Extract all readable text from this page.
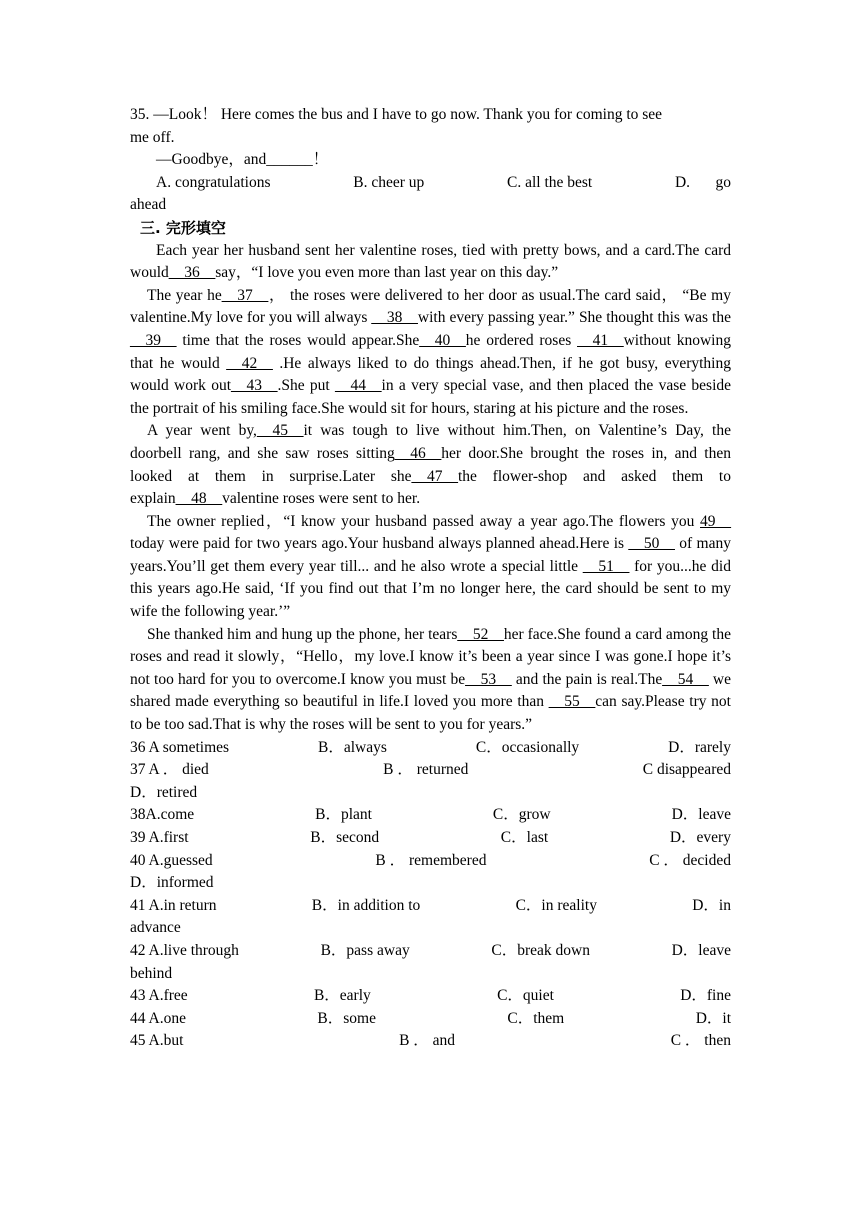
35. —Look！ Here comes the bus and I have to go now. Thank you for coming to see
me off.
—Goodbye，and______！
A. congratulations	B. cheer up	C. all the best	D. go
ahead
三. 完形填空
Each year her husband sent her valentine roses, tied with pretty bows, and a card.The card would__36__say，“I love you even more than last year on this day.”
The year he__37__， the roses were delivered to her door as usual.The card said， “Be my valentine.My love for you will always __38__with every passing year.” She thought this was the __39__ time that the roses would appear.She__40__he ordered roses __41__without knowing that he would __42__ .He always liked to do things ahead.Then, if he got busy, everything would work out__43__.She put __44__in a very special vase, and then placed the vase beside the portrait of his smiling face.She would sit for hours, staring at his picture and the roses.
A year went by,__45__it was tough to live without him.Then, on Valentine’s Day, the doorbell rang, and she saw roses sitting__46__her door.She brought the roses in, and then looked at them in surprise.Later she__47__the flower-shop and asked them to explain__48__valentine roses were sent to her.
The owner replied，“I know your husband passed away a year ago.The flowers you 49__ today were paid for two years ago.Your husband always planned ahead.Here is __50__ of many years.You’ll get them every year till... and he also wrote a special little __51__ for you...he did this years ago.He said, ‘If you find out that I’m no longer here, the card should be sent to my wife the following year.’”
She thanked him and hung up the phone, her tears__52__her face.She found a card among the roses and read it slowly，“Hello，my love.I know it’s been a year since I was gone.I hope it’s not too hard for you to overcome.I know you must be__53__ and the pain is real.The__54__ we shared made everything so beautiful in life.I loved you more than __55__can say.Please try not to be too sad.That is why the roses will be sent to you for years.”
36 A sometimes	B．always	C．occasionally	D．rarely
37 A ． died	B ． returned	C disappeared
D．retired
38A.come	B．plant	C．grow	D．leave
39 A.first	B．second	C．last	D．every
40 A.guessed	B ． remembered	C ． decided
D．informed
41 A.in return	B．in addition to	C．in reality	D．in
advance
42 A.live through	B．pass away	C．break down	D．leave
behind
43 A.free	B．early	C．quiet	D．fine
44 A.one	B．some	C．them	D．it
45 A.but	B ． and	C ． then
